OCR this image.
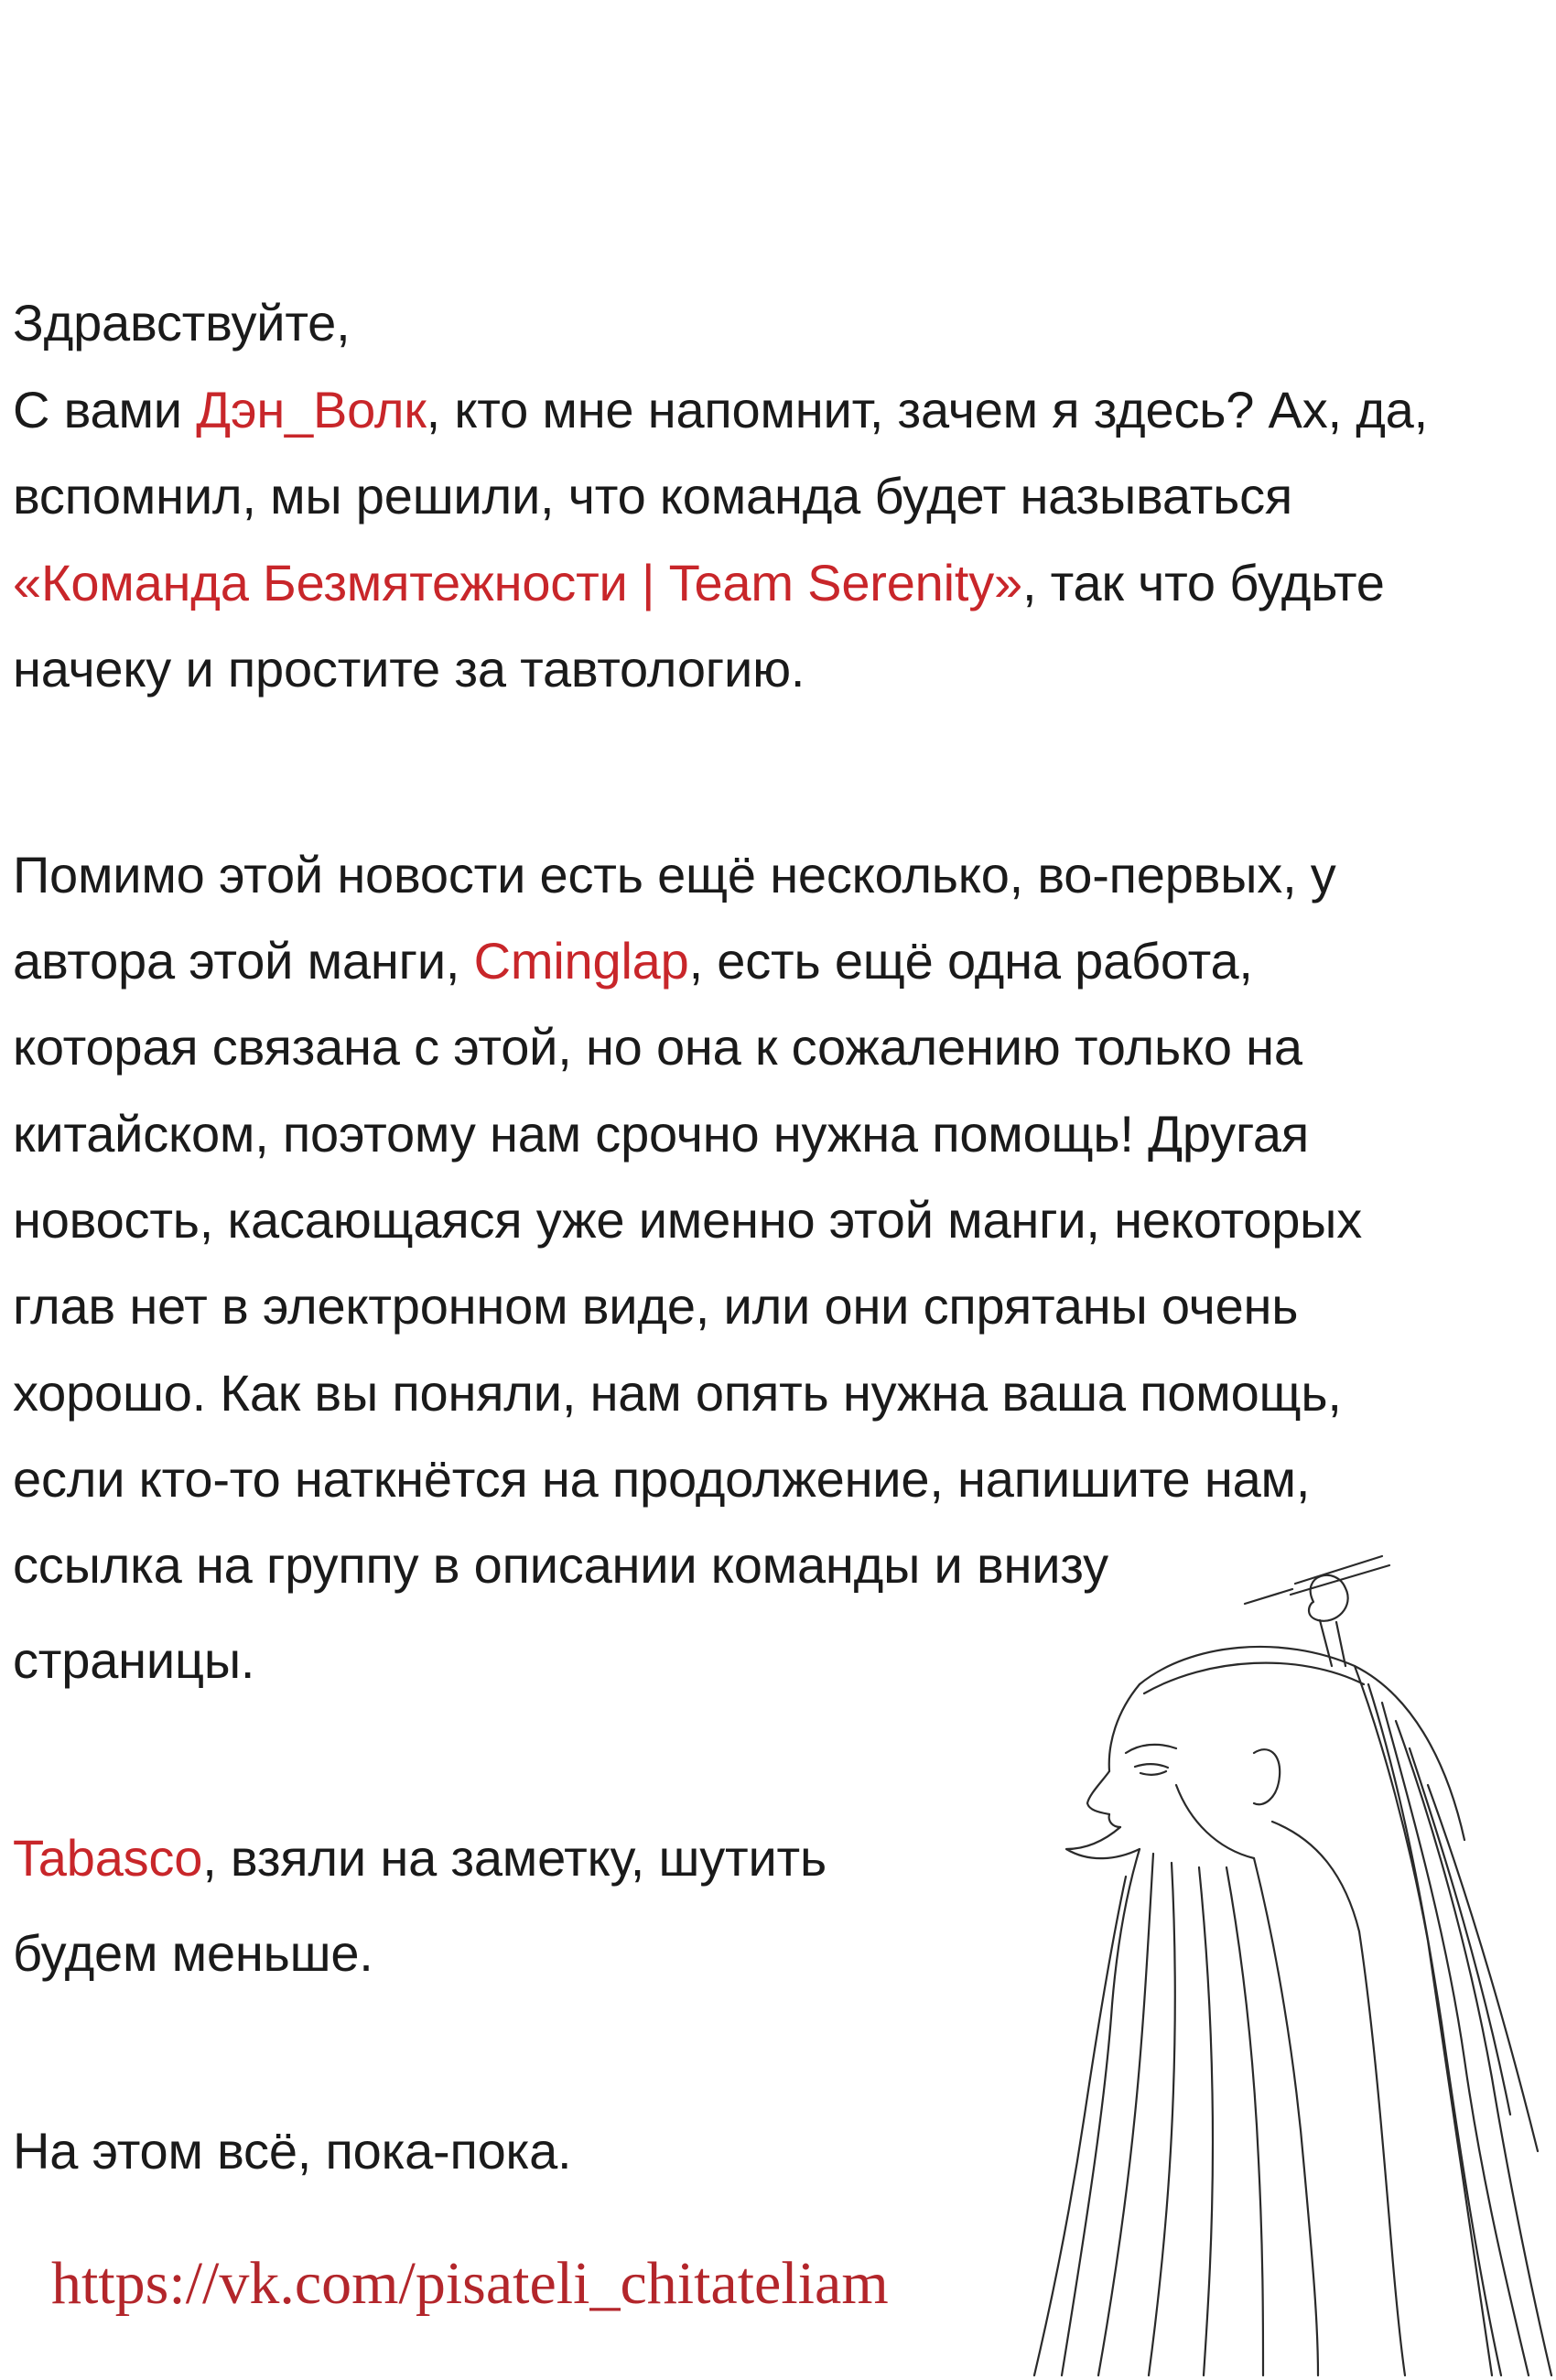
Здравствуйте,
С вами Дэн_Волк, кто мне напомнит, зачем я здесь? Ах, да,
вспомнил, мы решили, что команда будет называться
«Команда Безмятежности | Team Serenity», так что будьте
начеку и простите за тавтологию.
Помимо этой новости есть ещё несколько, во-первых, у
автора этой манги, Cminglap, есть ещё одна работа,
которая связана с этой, но она к сожалению только на
китайском, поэтому нам срочно нужна помощь! Другая
новость, касающаяся уже именно этой манги, некоторых
глав нет в электронном виде, или они спрятаны очень
хорошо. Как вы поняли, нам опять нужна ваша помощь,
если кто-то наткнётся на продолжение, напишите нам,
ссылка на группу в описании команды и внизу
страницы.
Tabasco, взяли на заметку, шутить
будем меньше.
На этом всё, пока-пока.
https://vk.com/pisateli_chitateliam
